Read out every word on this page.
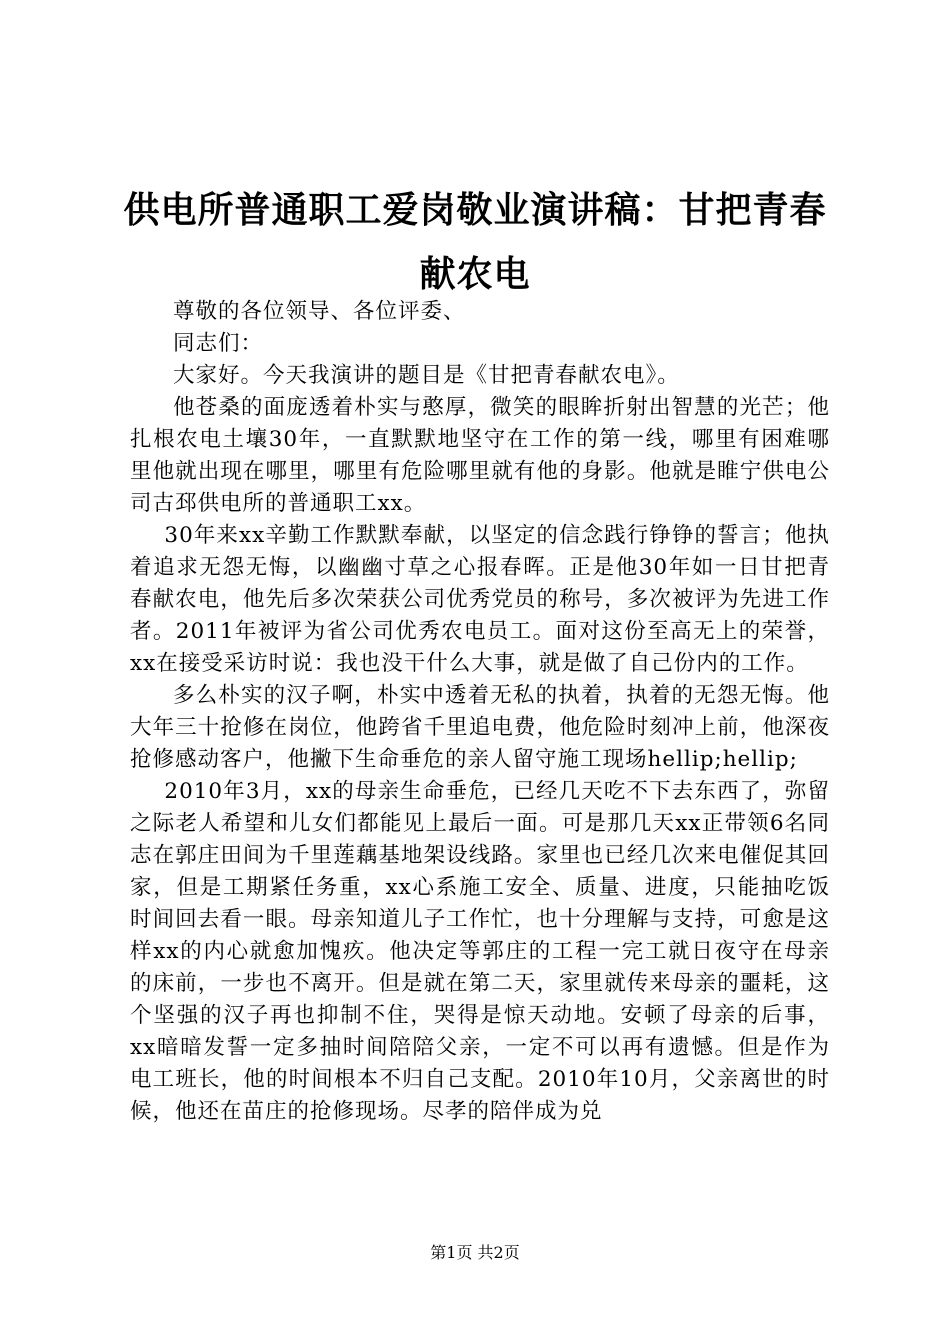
供电所普通职工爱岗敬业演讲稿：甘把青春献农电

尊敬的各位领导、各位评委、

同志们：

大家好。今天我演讲的题目是《甘把青春献农电》。

他苍桑的面庞透着朴实与憨厚，微笑的眼眸折射出智慧的光芒；他扎根农电土壤30年，一直默默地坚守在工作的第一线，哪里有困难哪里他就出现在哪里，哪里有危险哪里就有他的身影。他就是睢宁供电公司古邳供电所的普通职工xx。

30年来xx辛勤工作默默奉献，以坚定的信念践行铮铮的誓言；他执着追求无怨无悔，以幽幽寸草之心报春晖。正是他30年如一日甘把青春献农电，他先后多次荣获公司优秀党员的称号，多次被评为先进工作者。2011年被评为省公司优秀农电员工。面对这份至高无上的荣誉，xx在接受采访时说：我也没干什么大事，就是做了自己份内的工作。

多么朴实的汉子啊，朴实中透着无私的执着，执着的无怨无悔。他大年三十抢修在岗位，他跨省千里追电费，他危险时刻冲上前，他深夜抢修感动客户，他撇下生命垂危的亲人留守施工现场hellip;hellip;

2010年3月，xx的母亲生命垂危，已经几天吃不下去东西了，弥留之际老人希望和儿女们都能见上最后一面。可是那几天xx正带领6名同志在郭庄田间为千里莲藕基地架设线路。家里也已经几次来电催促其回家，但是工期紧任务重，xx心系施工安全、质量、进度，只能抽吃饭时间回去看一眼。母亲知道儿子工作忙，也十分理解与支持，可愈是这样xx的内心就愈加愧疚。他决定等郭庄的工程一完工就日夜守在母亲的床前，一步也不离开。但是就在第二天，家里就传来母亲的噩耗，这个坚强的汉子再也抑制不住，哭得是惊天动地。安顿了母亲的后事，xx暗暗发誓一定多抽时间陪陪父亲，一定不可以再有遗憾。但是作为电工班长，他的时间根本不归自己支配。2010年10月，父亲离世的时候，他还在苗庄的抢修现场。尽孝的陪伴成为兑

第1页 共2页
